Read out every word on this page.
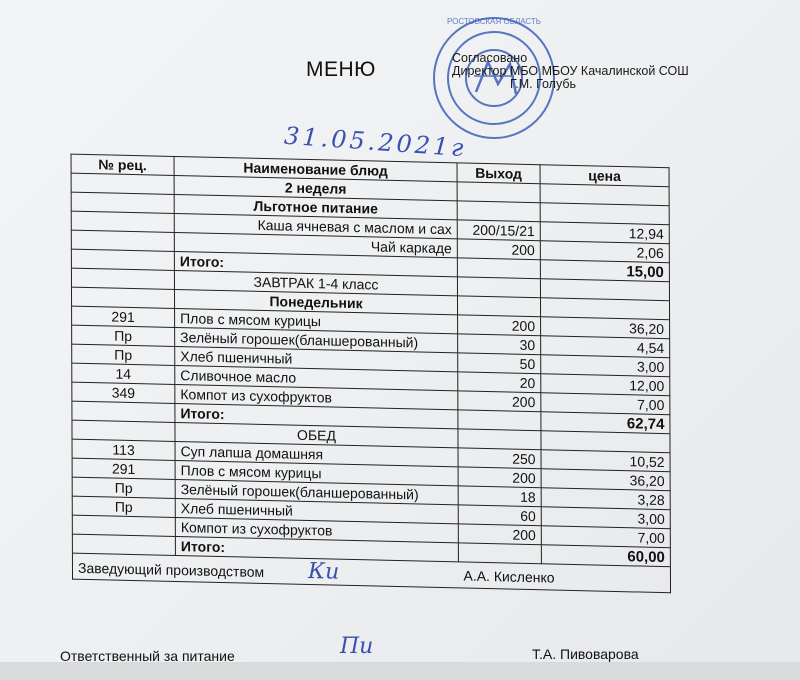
РОСТОВСКАЯ ОБЛАСТЬ
МЕНЮ	Согласовано
Директор МБО МБОУ Качалинской СОШ
Г.М. Голубь
31.05.2021г
№ рец.	Наименование блюд	Выход	цена
	2 неделя		
	Льготное питание		
	Каша ячневая с маслом и сах	200/15/21	12,94
	Чай каркаде	200	2,06
	Итого:		15,00
	ЗАВТРАК 1-4 класс		
	Понедельник		
291	Плов с мясом курицы	200	36,20
Пр	Зелёный горошек(бланшерованный)	30	4,54
Пр	Хлеб пшеничный	50	3,00
14	Сливочное масло	20	12,00
349	Компот из сухофруктов	200	7,00
	Итого:		62,74
	ОБЕД		
113	Суп лапша домашняя	250	10,52
291	Плов с мясом курицы	200	36,20
Пр	Зелёный горошек(бланшерованный)	18	3,28
Пр	Хлеб пшеничный	60	3,00
	Компот из сухофруктов	200	7,00
	Итого:		60,00
Заведующий производством Ки		А.А. Кисленко	
Ответственный за питание	Пи	Т.А. Пивоварова
